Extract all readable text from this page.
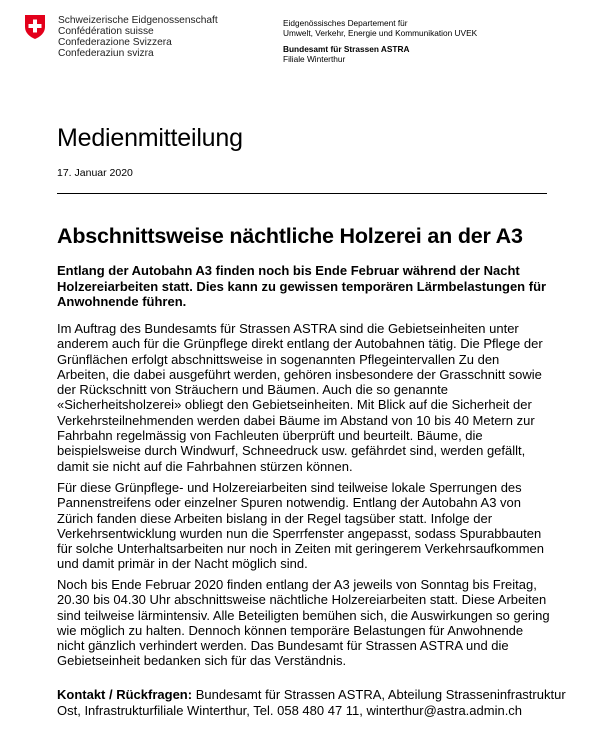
Schweizerische Eidgenossenschaft
Confédération suisse
Confederazione Svizzera
Confederaziun svizra
Eidgenössisches Departement für
Umwelt, Verkehr, Energie und Kommunikation UVEK
Bundesamt für Strassen ASTRA
Filiale Winterthur
Medienmitteilung
17. Januar 2020
Abschnittsweise nächtliche Holzerei an der A3

Entlang der Autobahn A3 finden noch bis Ende Februar während der Nacht Holzereiarbeiten statt. Dies kann zu gewissen temporären Lärmbelastungen für Anwohnende führen.

Im Auftrag des Bundesamts für Strassen ASTRA sind die Gebietseinheiten unter anderem auch für die Grünpflege direkt entlang der Autobahnen tätig. Die Pflege der Grünflächen erfolgt abschnittsweise in sogenannten Pflegeintervallen Zu den Arbeiten, die dabei ausgeführt werden, gehören insbesondere der Grasschnitt sowie der Rückschnitt von Sträuchern und Bäumen. Auch die so genannte «Sicherheitsholzerei» obliegt den Gebietseinheiten. Mit Blick auf die Sicherheit der Verkehrsteilnehmenden werden dabei Bäume im Abstand von 10 bis 40 Metern zur Fahrbahn regelmässig von Fachleuten überprüft und beurteilt. Bäume, die beispielsweise durch Windwurf, Schneedruck usw. gefährdet sind, werden gefällt, damit sie nicht auf die Fahrbahnen stürzen können.

Für diese Grünpflege- und Holzereiarbeiten sind teilweise lokale Sperrungen des Pannenstreifens oder einzelner Spuren notwendig. Entlang der Autobahn A3 von Zürich fanden diese Arbeiten bislang in der Regel tagsüber statt. Infolge der Verkehrsentwicklung wurden nun die Sperrfenster angepasst, sodass Spurabbauten für solche Unterhaltsarbeiten nur noch in Zeiten mit geringerem Verkehrsaufkommen und damit primär in der Nacht möglich sind.

Noch bis Ende Februar 2020 finden entlang der A3 jeweils von Sonntag bis Freitag, 20.30 bis 04.30 Uhr abschnittsweise nächtliche Holzereiarbeiten statt. Diese Arbeiten sind teilweise lärmintensiv. Alle Beteiligten bemühen sich, die Auswirkungen so gering wie möglich zu halten. Dennoch können temporäre Belastungen für Anwohnende nicht gänzlich verhindert werden. Das Bundesamt für Strassen ASTRA und die Gebietseinheit bedanken sich für das Verständnis.

Kontakt / Rückfragen: Bundesamt für Strassen ASTRA, Abteilung Strasseninfrastruktur Ost, Infrastrukturfiliale Winterthur, Tel. 058 480 47 11, winterthur@astra.admin.ch
